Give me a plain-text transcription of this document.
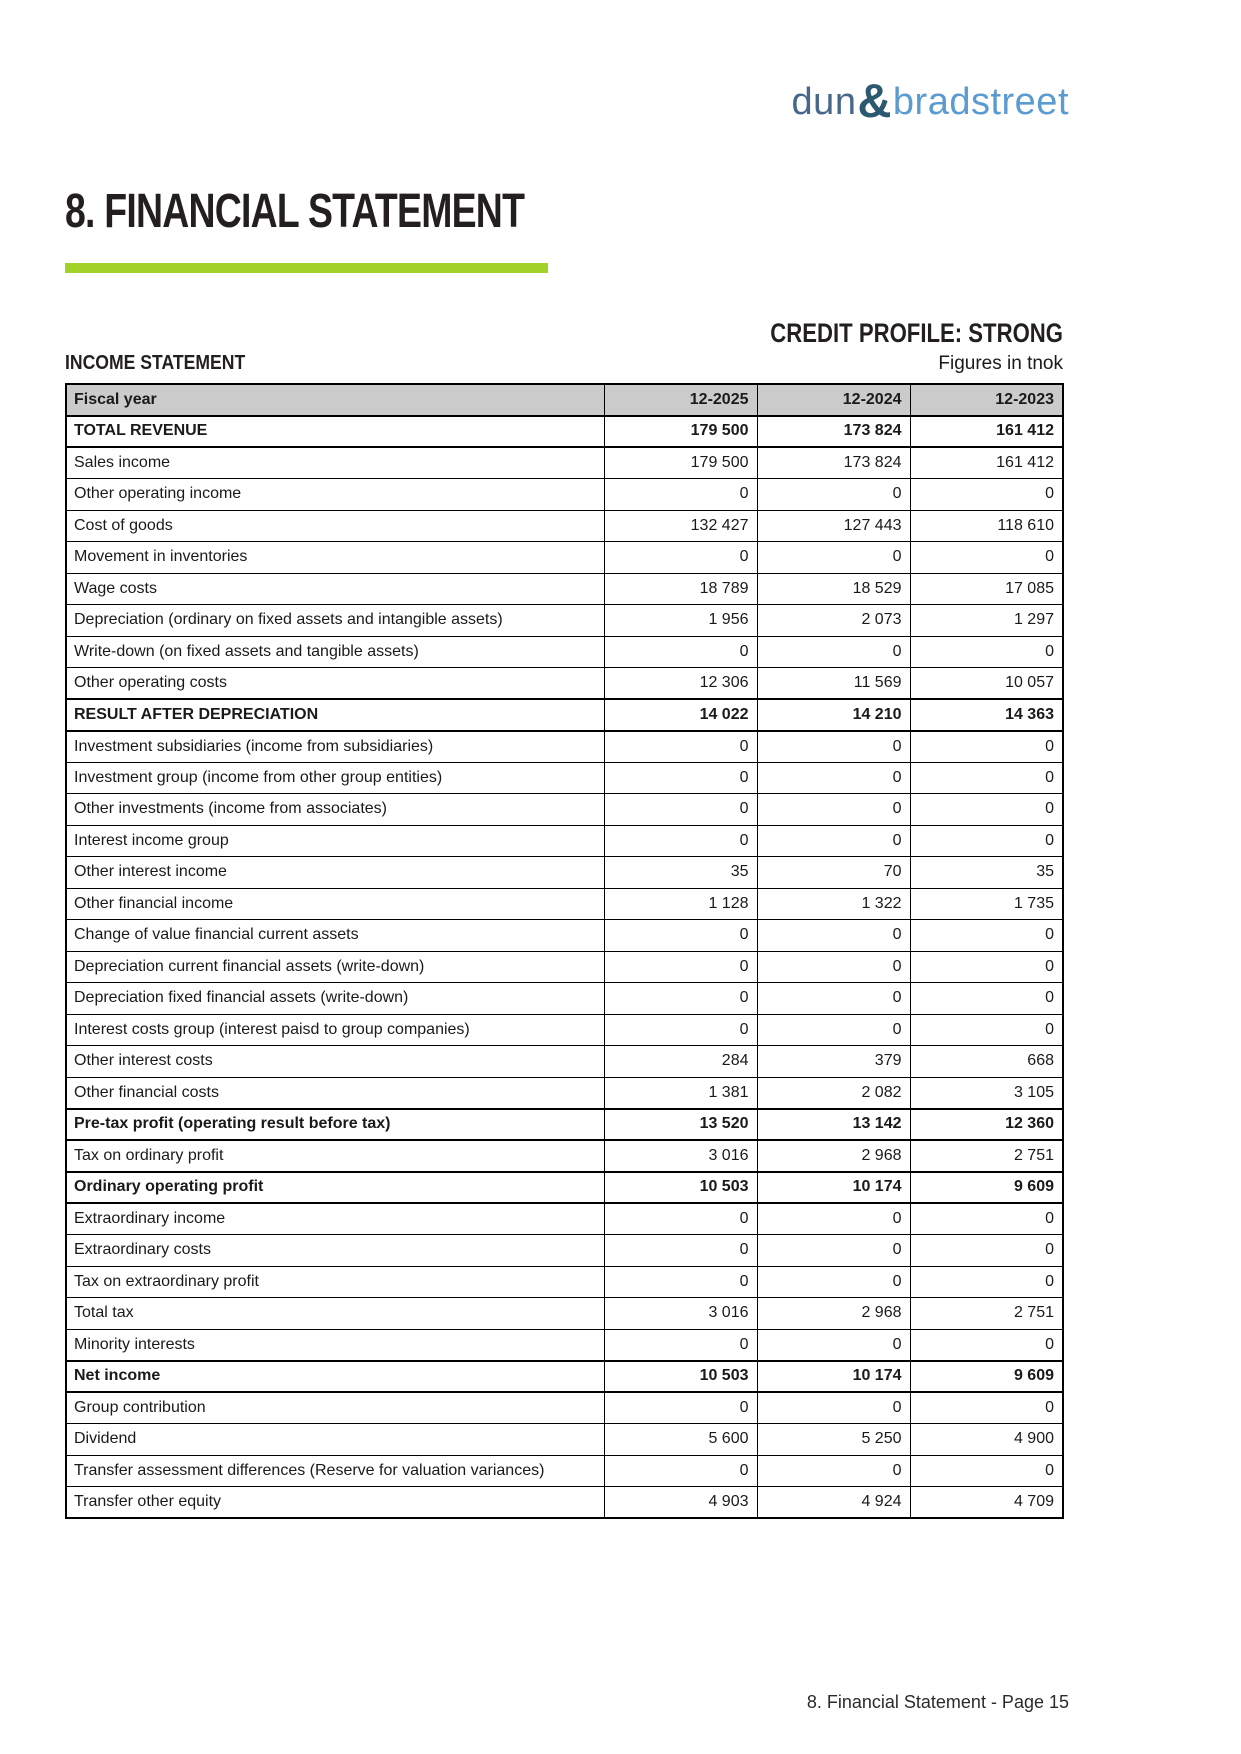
dun&bradstreet
8. FINANCIAL STATEMENT
CREDIT PROFILE: STRONG
INCOME STATEMENT	Figures in tnok
Fiscal year	12-2025	12-2024	12-2023
TOTAL REVENUE	179 500	173 824	161 412
Sales income	179 500	173 824	161 412
Other operating income	0	0	0
Cost of goods	132 427	127 443	118 610
Movement in inventories	0	0	0
Wage costs	18 789	18 529	17 085
Depreciation (ordinary on fixed assets and intangible assets)	1 956	2 073	1 297
Write-down (on fixed assets and tangible assets)	0	0	0
Other operating costs	12 306	11 569	10 057
RESULT AFTER DEPRECIATION	14 022	14 210	14 363
Investment subsidiaries (income from subsidiaries)	0	0	0
Investment group (income from other group entities)	0	0	0
Other investments (income from associates)	0	0	0
Interest income group	0	0	0
Other interest income	35	70	35
Other financial income	1 128	1 322	1 735
Change of value financial current assets	0	0	0
Depreciation current financial assets (write-down)	0	0	0
Depreciation fixed financial assets (write-down)	0	0	0
Interest costs group (interest paisd to group companies)	0	0	0
Other interest costs	284	379	668
Other financial costs	1 381	2 082	3 105
Pre-tax profit (operating result before tax)	13 520	13 142	12 360
Tax on ordinary profit	3 016	2 968	2 751
Ordinary operating profit	10 503	10 174	9 609
Extraordinary income	0	0	0
Extraordinary costs	0	0	0
Tax on extraordinary profit	0	0	0
Total tax	3 016	2 968	2 751
Minority interests	0	0	0
Net income	10 503	10 174	9 609
Group contribution	0	0	0
Dividend	5 600	5 250	4 900
Transfer assessment differences (Reserve for valuation variances)	0	0	0
Transfer other equity	4 903	4 924	4 709
8. Financial Statement - Page 15
